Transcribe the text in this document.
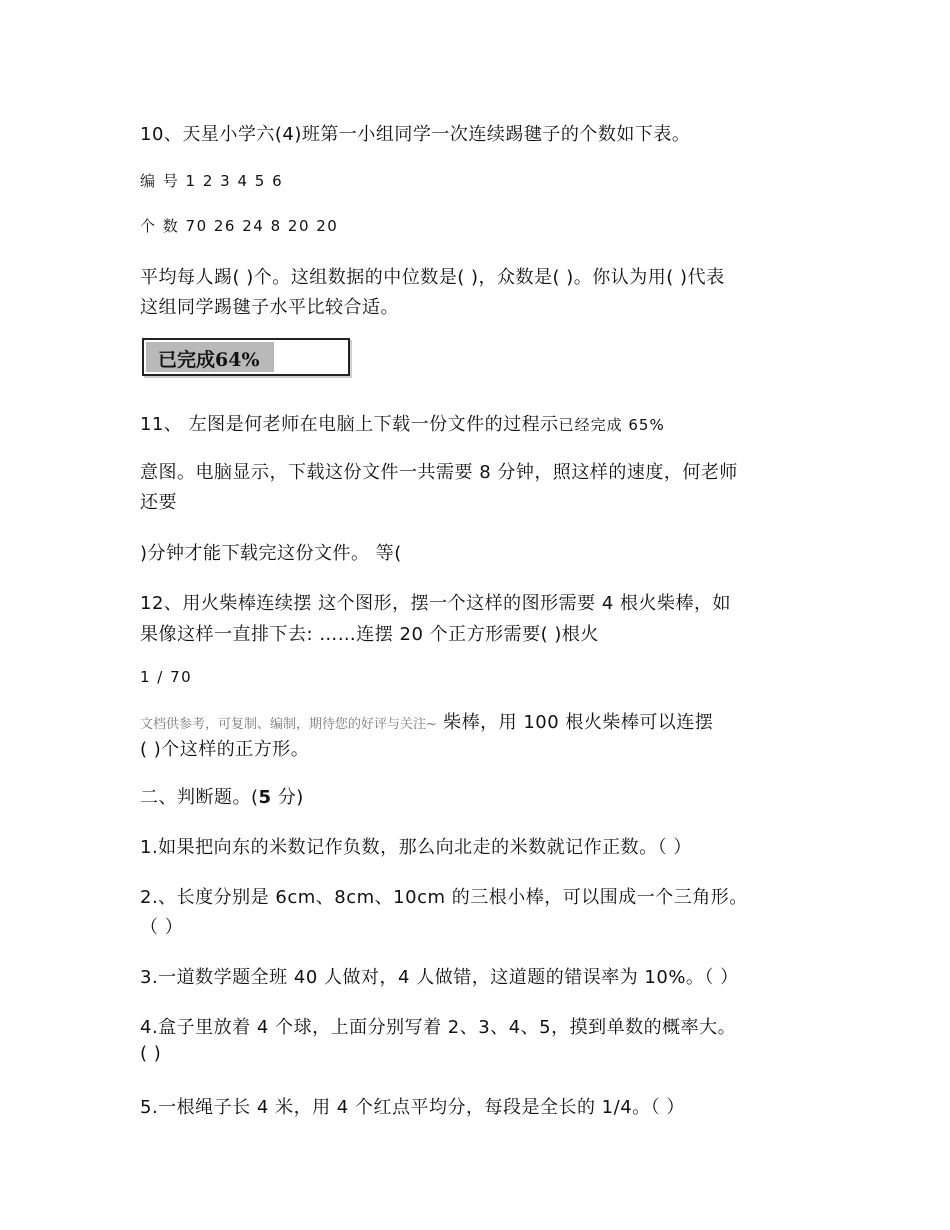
10、天星小学六(4)班第一小组同学一次连续踢毽子的个数如下表。
编 号 1 2 3 4 5 6
个 数 70 26 24 8 20 20
平均每人踢( )个。这组数据的中位数是( )，众数是( )。你认为用( )代表
这组同学踢毽子水平比较合适。
已完成64%
11、 左图是何老师在电脑上下载一份文件的过程示已经完成 65%
意图。电脑显示，下载这份文件一共需要 8 分钟，照这样的速度，何老师
还要
)分钟才能下载完这份文件。 等(
12、用火柴棒连续摆 这个图形，摆一个这样的图形需要 4 根火柴棒，如
果像这样一直排下去: ……连摆 20 个正方形需要( )根火
1 / 70
文档供参考，可复制、编制，期待您的好评与关注~ 柴棒，用 100 根火柴棒可以连摆
( )个这样的正方形。
二、判断题。(5 分)
1.如果把向东的米数记作负数，那么向北走的米数就记作正数。（ ）
2.、长度分别是 6cm、8cm、10cm 的三根小棒，可以围成一个三角形。
（ ）
3.一道数学题全班 40 人做对，4 人做错，这道题的错误率为 10%。（ ）
4.盒子里放着 4 个球，上面分别写着 2、3、4、5，摸到单数的概率大。
( )
5.一根绳子长 4 米，用 4 个红点平均分，每段是全长的 1/4。（ ）
